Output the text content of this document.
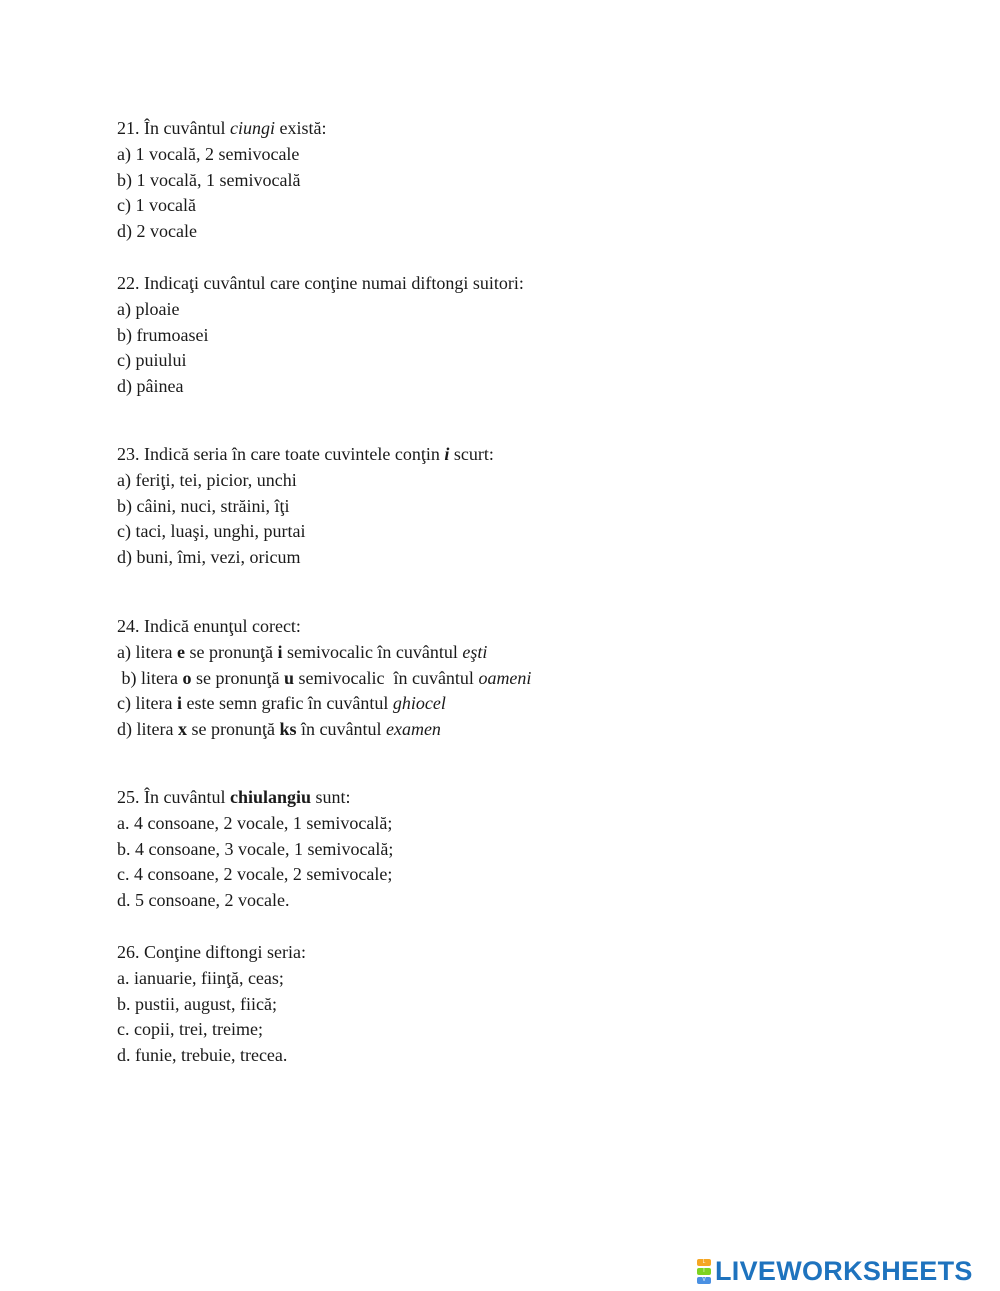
21. În cuvântul ciungi există:
a) 1 vocală, 2 semivocale
b) 1 vocală, 1 semivocală
c) 1 vocală
d) 2 vocale
22. Indicaţi cuvântul care conţine numai diftongi suitori:
a) ploaie
b) frumoasei
c) puiului
d) pâinea
23. Indică seria în care toate cuvintele conţin i scurt:
a) feriţi, tei, picior, unchi
b) câini, nuci, străini, îţi
c) taci, luaşi, unghi, purtai
d) buni, îmi, vezi, oricum
24. Indică enunţul corect:
a) litera e se pronunţă i semivocalic în cuvântul eşti
b) litera o se pronunţă u semivocalic  în cuvântul oameni
c) litera i este semn grafic în cuvântul ghiocel
d) litera x se pronunţă ks în cuvântul examen
25. În cuvântul chiulangiu sunt:
a. 4 consoane, 2 vocale, 1 semivocală;
b. 4 consoane, 3 vocale, 1 semivocală;
c. 4 consoane, 2 vocale, 2 semivocale;
d. 5 consoane, 2 vocale.
26. Conţine diftongi seria:
a. ianuarie, fiinţă, ceas;
b. pustii, august, fiică;
c. copii, trei, treime;
d. funie, trebuie, trecea.
L
I
V LIVEWORKSHEETS
